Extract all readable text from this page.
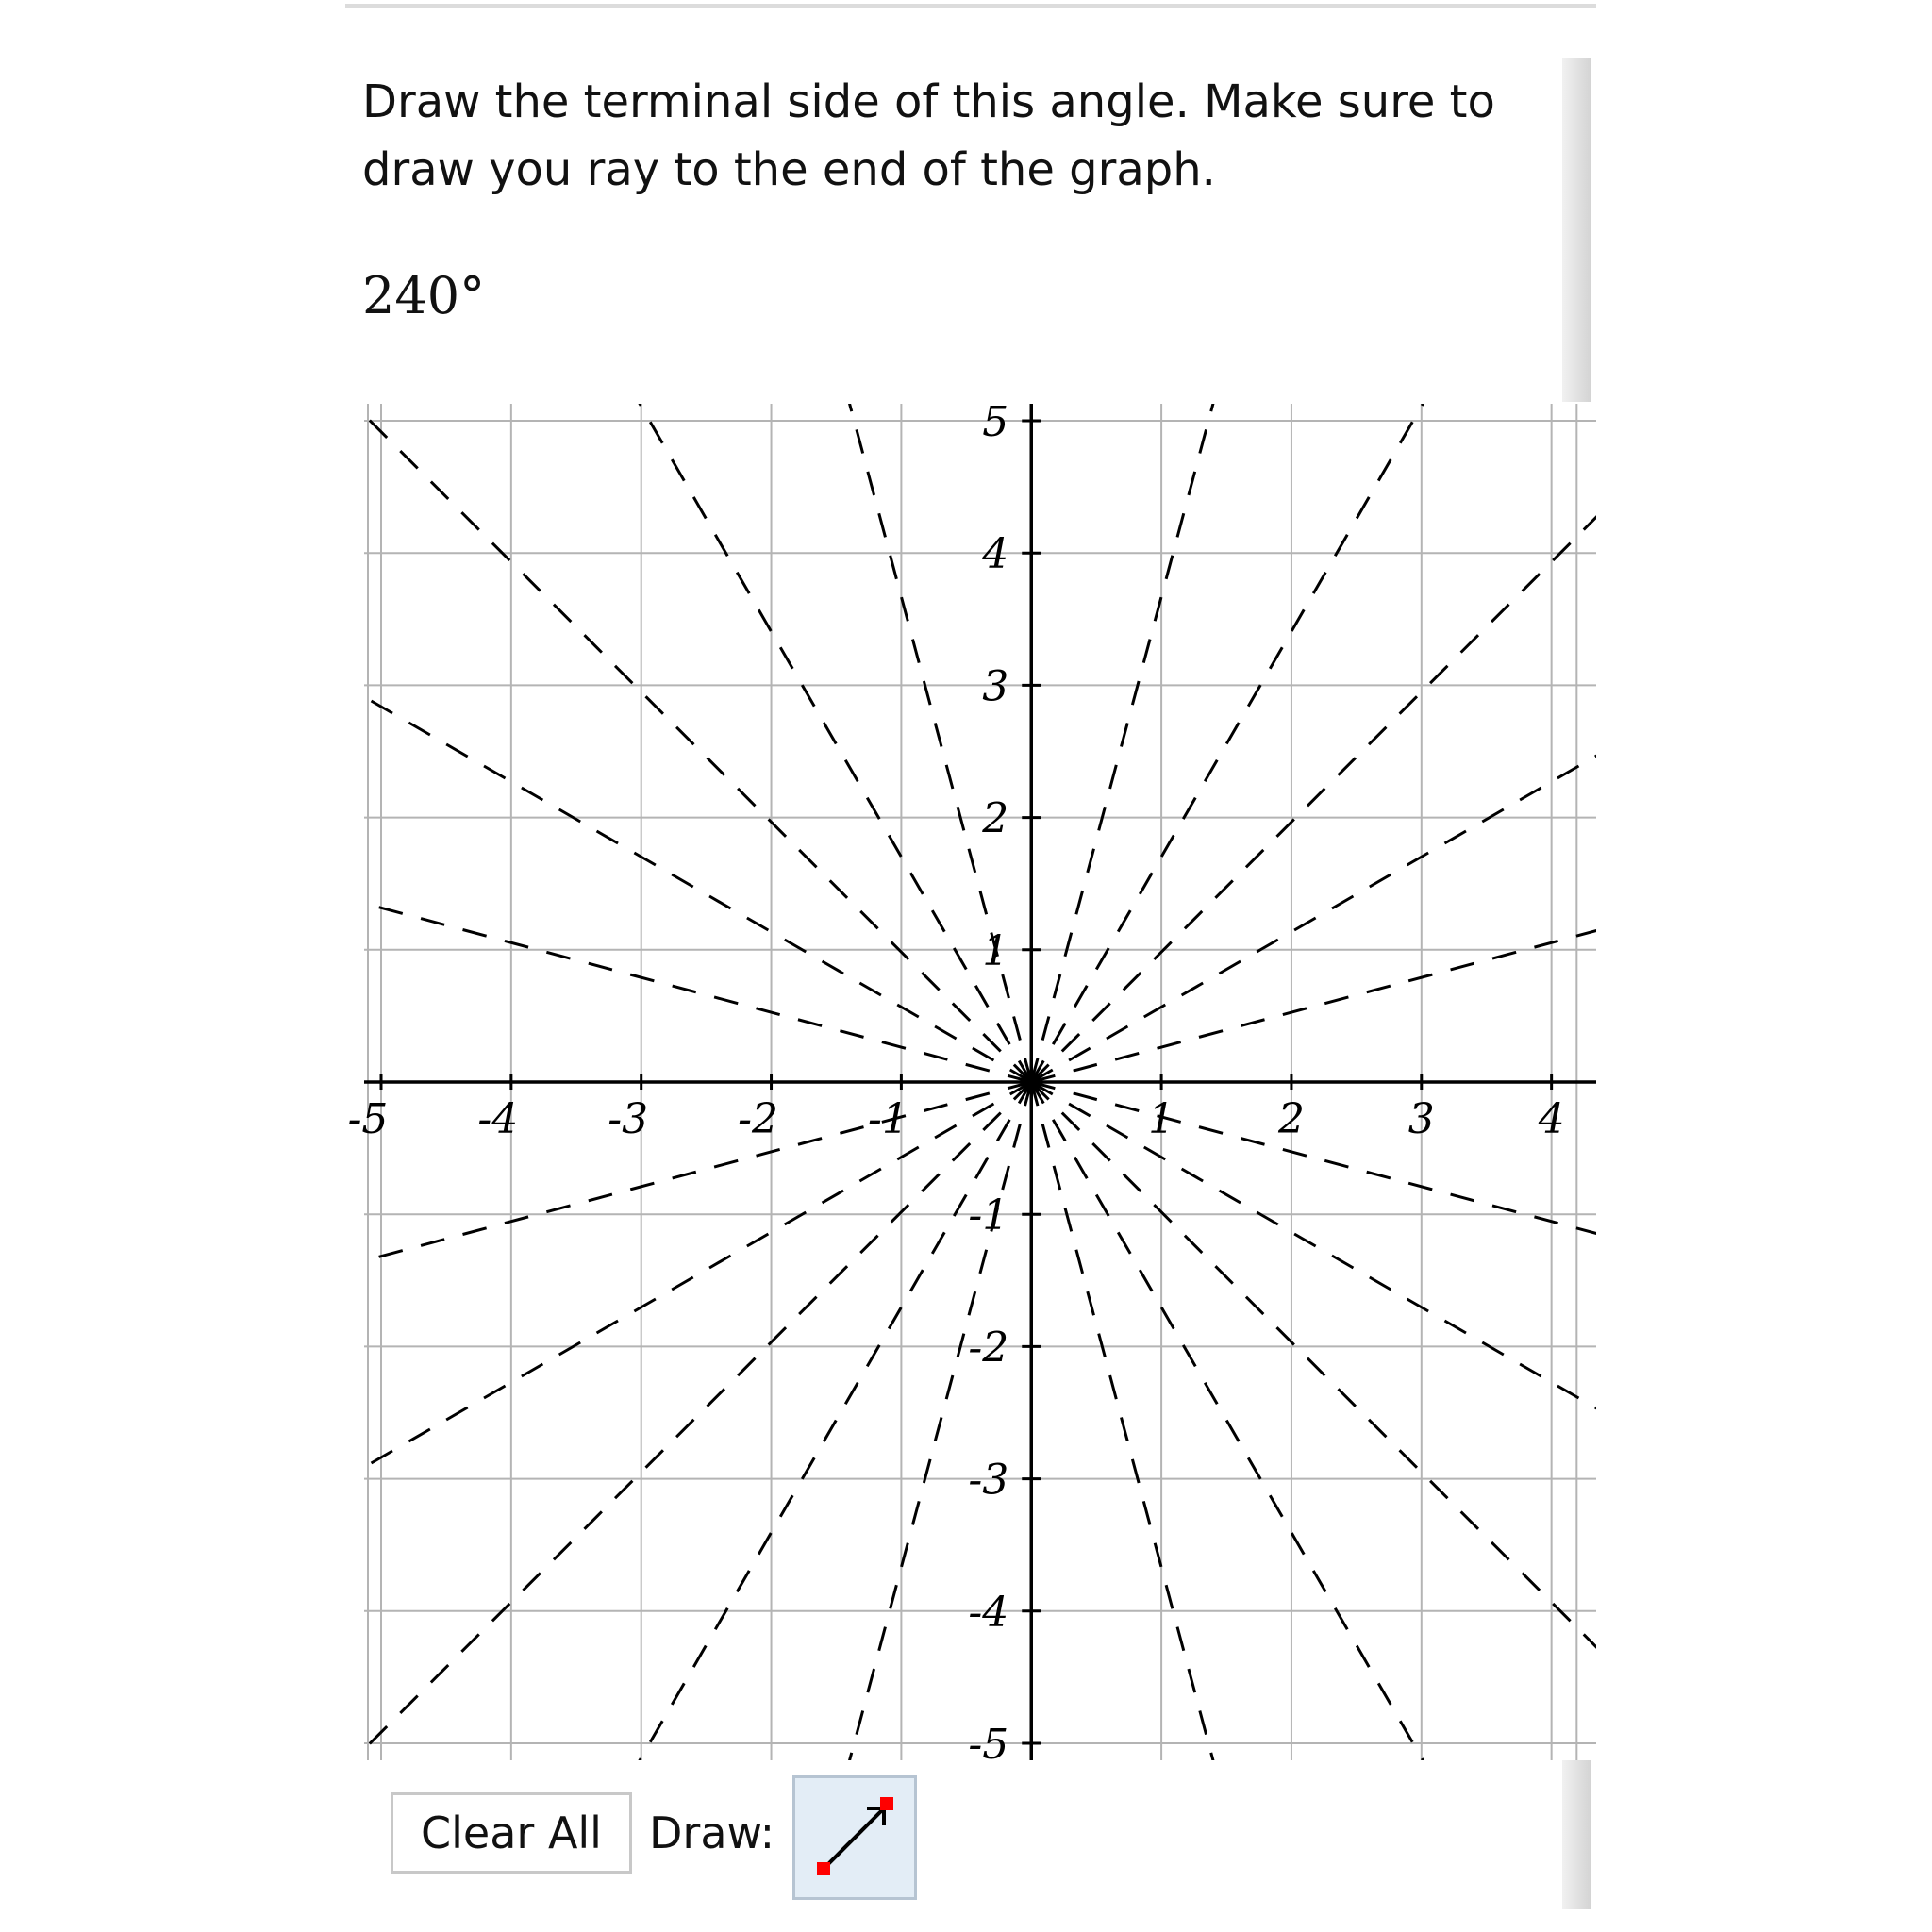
Draw the terminal side of this angle. Make sure to
draw you ray to the end of the graph.
240°
-5 -4 -3 -2 -1	1 2 3 4
5
4
3
2
1
-1
-2
-3
-4
-5
Clear All	Draw:
